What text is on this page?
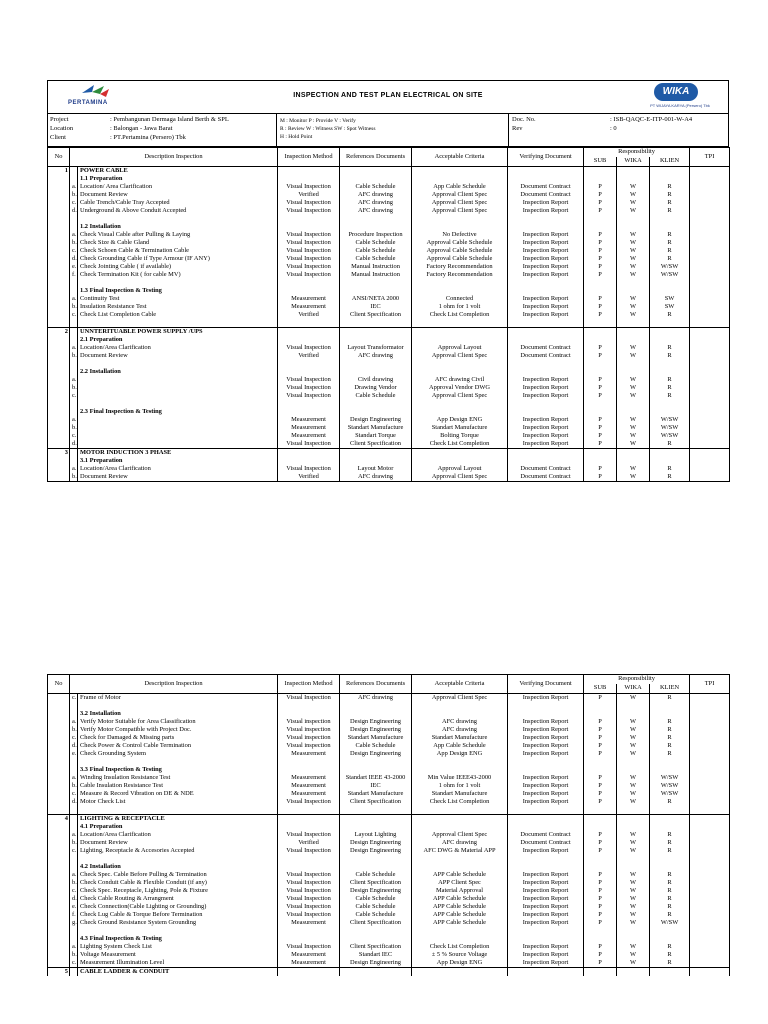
PERTAMINA
INSPECTION AND TEST PLAN ELECTRICAL ON SITE	WIKA
PT WIJAYA KARYA (Persero) Tbk
Project	: Pembangunan Dermaga Island Berth & SPL
Location	: Balongan - Jawa Barat
Client	: PT.Pertamina (Persero) Tbk
M : Monitor P : Provide V : Verify
R : Review W : Witness SW : Spot Witness
H : Hold Point
Doc. No.	: ISB-QAQC-E-ITP-001-W-A4
Rev	: 0
No	Description Inspection		Inspection Method	References Documents	Acceptable Criteria	Verifying Document	Responsibility			TPI
							SUB	WIKA	KLIEN	
1		POWER CABLE								
		1.1 Preparation								
	a.	Location/ Area Clarification	Visual Inspection	Cable Schedule	App Cable Schedule	Document Contract	P	W	R	
	b.	Document Review	Verified	AFC drawing	Approval Client Spec	Document Contract	P	W	R	
	c.	Cable Trench/Cable Tray Accepted	Visual Inspection	AFC drawing	Approval Client Spec	Inspection Report	P	W	R	
	d.	Underground & Above Conduit Accepted	Visual Inspection	AFC drawing	Approval Client Spec	Inspection Report	P	W	R	

		1.2 Installation								
	a.	Check Visual Cable after Pulling & Laying	Visual Inspection	Procedure Inspection	No Defective	Inspection Report	P	W	R	
	b.	Check Size & Cable Gland	Visual Inspection	Cable Schedule	Approval Cable Schedule	Inspection Report	P	W	R	
	c.	Check Schoen Cable & Termination Cable	Visual Inspection	Cable Schedule	Approval Cable Schedule	Inspection Report	P	W	R	
	d.	Check Grounding Cable if Type Armour (IF ANY)	Visual Inspection	Cable Schedule	Approval Cable Schedule	Inspection Report	P	W	R	
	e.	Check Jointing Cable ( if available)	Visual Inspection	Manual Instruction	Factory Recommendation	Inspection Report	P	W	W/SW	
	f.	Check Termination Kit ( for cable MV)	Visual Inspection	Manual Instruction	Factory Recommendation	Inspection Report	P	W	W/SW	

		1.3 Final Inspection & Testing								
	a.	Continuity Test	Measurement	ANSI/NETA 2000	Connected	Inspection Report	P	W	SW	
	b.	Insulation Resistance Test	Measurement	IEC	1 ohm for 1 volt	Inspection Report	P	W	SW	
	c.	Check List Completion Cable	Verified	Client Specification	Check List Completion	Inspection Report	P	W	R	

2		UNNTERITUABLE POWER SUPPLY /UPS								
		2.1 Preparation								
	a.	Location/Area Clarification	Visual Inspection	Layout Transformator	Approval Layout	Document Contract	P	W	R	
	b.	Document Review	Verified	AFC drawing	Approval Client Spec	Document Contract	P	W	R	

		2.2 Installation								
	a.		Visual Inspection	Civil drawing	AFC drawing Civil	Inspection Report	P	W	R	
	b.		Visual Inspection	Drawing Vendor	Approval Vendor DWG	Inspection Report	P	W	R	
	c.		Visual Inspection	Cable Schedule	Approval Client Spec	Inspection Report	P	W	R	

		2.3 Final Inspection & Testing								
	a.		Measurement	Design Engineering	App Design ENG	Inspection Report	P	W	W/SW	
	b.		Measurement	Standart Manufacture	Standart Manufacture	Inspection Report	P	W	W/SW	
	c.		Measurement	Standart Torque	Bolting Torque	Inspection Report	P	W	W/SW	
	d.		Visual Inspection	Client Specification	Check List Completion	Inspection Report	P	W	R	
3		MOTOR INDUCTION 3 PHASE								
		3.1 Preparation								
	a.	Location/Area Clarification	Visual Inspection	Layout Motor	Approval Layout	Document Contract	P	W	R	
	b.	Document Review	Verified	AFC drawing	Approval Client Spec	Document Contract	P	W	R	
No	Description Inspection		Inspection Method	References Documents	Acceptable Criteria	Verifying Document	Responsibility			TPI
							SUB	WIKA	KLIEN	
	c.	Frame of Motor	Visual Inspection	AFC drawing	Approval Client Spec	Inspection Report	P	W	R	

		3.2 Installation								
	a.	Verify Motor Suitable for Area Classification	Visual inspection	Design Engineering	AFC drawing	Inspection Report	P	W	R	
	b.	Verify Motor Compatible with Project Doc.	Visual inspection	Design Engineering	AFC drawing	Inspection Report	P	W	R	
	c.	Check for Damaged & Missing parts	Visual inspection	Standart Manufacture	Standart Manufacture	Inspection Report	P	W	R	
	d.	Check Power & Control Cable Termination	Visual inspection	Cable Schedule	App Cable Schedule	Inspection Report	P	W	R	
	e.	Check Grounding System	Measurement	Design Engineering	App Design ENG	Inspection Report	P	W	R	

		3.3 Final Inspection & Testing								
	a.	Winding Insulation Resistance Test	Measurement	Standart IEEE 43-2000	Min Value IEEE43-2000	Inspection Report	P	W	W/SW	
	b.	Cable Insulation Resistance Test	Measurement	IEC	1 ohm for 1 volt	Inspection Report	P	W	W/SW	
	c.	Measure & Record Vibration on DE & NDE	Measurement	Standart Manufacture	Standart Manufacture	Inspection Report	P	W	W/SW	
	d.	Motor Check List	Visual Inspection	Client Specification	Check List Completion	Inspection Report	P	W	R	

4		LIGHTING & RECEPTACLE								
		4.1 Preparation								
	a.	Location/Area Clarification	Visual Inspection	Layout Lighting	Approval Client Spec	Document Contract	P	W	R	
	b.	Document Review	Verified	Design Engineering	AFC drawing	Document Contract	P	W	R	
	c.	Lighting, Receptacle & Accesories Accepted	Visual Inspection	Design Engineering	AFC DWG & Material APP	Inspection Report	P	W	R	

		4.2 Installation								
	a.	Check Spec. Cable Before Pulling & Termination	Visual Inspection	Cable Schedule	APP Cable Schedule	Inspection Report	P	W	R	
	b.	Check Conduit Cable & Flexible Conduit (if any)	Visual Inspection	Client Specification	APP Client Spec	Inspection Report	P	W	R	
	c.	Check Spec. Receptacle, Lighting, Pole & Fixture	Visual Inspection	Design Engineering	Material Approval	Inspection Report	P	W	R	
	d.	Check Cable Routing & Arrangment	Visual Inspection	Cable Schedule	APP Cable Schedule	Inspection Report	P	W	R	
	e.	Check Connection(Cable Lighting or Grounding)	Visual Inspection	Cable Schedule	APP Cable Schedule	Inspection Report	P	W	R	
	f.	Check Lug Cable & Torque Before Termination	Visual Inspection	Cable Schedule	APP Cable Schedule	Inspection Report	P	W	R	
	g.	Check Ground Resistance System Grounding	Measurement	Client Specification	APP Cable Schedule	Inspection Report	P	W	W/SW	

		4.3 Final Inspection & Testing								
	a.	Lighting System Check List	Visual Inspection	Client Specification	Check List Completion	Inspection Report	P	W	R	
	b.	Voltage Measurement	Measurement	Standart IEC	± 5 % Source Voltage	Inspection Report	P	W	R	
	c.	Measurement Illumination Level	Measurement	Design Engineering	App Design ENG	Inspection Report	P	W	R	
5		CABLE LADDER & CONDUIT								
